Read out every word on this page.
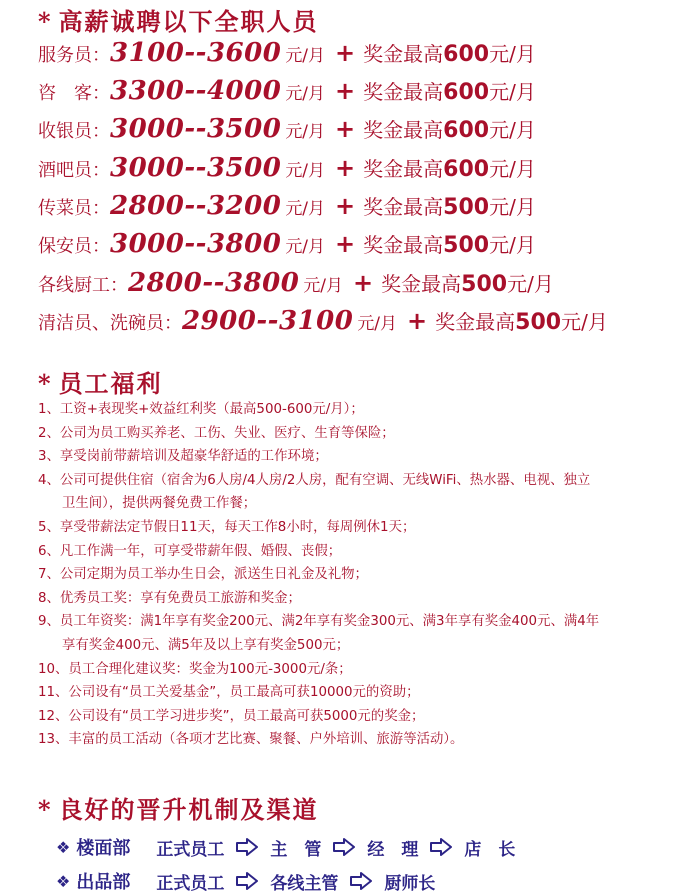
* 高薪诚聘以下全职人员
服务员： 3100--3600 元/月 + 奖金最高 600 元/月
咨　客： 3300--4000 元/月 + 奖金最高 600 元/月
收银员： 3000--3500 元/月 + 奖金最高 600 元/月
酒吧员： 3000--3500 元/月 + 奖金最高 600 元/月
传菜员： 2800--3200 元/月 + 奖金最高 500 元/月
保安员： 3000--3800 元/月 + 奖金最高 500 元/月
各线厨工： 2800--3800 元/月 + 奖金最高 500 元/月
清洁员、洗碗员： 2900--3100 元/月 + 奖金最高 500 元/月
* 员工福利
1、工资+表现奖+效益红利奖（最高500-600元/月）；
2、公司为员工购买养老、工伤、失业、医疗、生育等保险；
3、享受岗前带薪培训及超豪华舒适的工作环境；
4、公司可提供住宿（宿舍为6人房/4人房/2人房，配有空调、无线WiFi、热水器、电视、独立
卫生间），提供两餐免费工作餐；
5、享受带薪法定节假日11天，每天工作8小时，每周例休1天；
6、凡工作满一年，可享受带薪年假、婚假、丧假；
7、公司定期为员工举办生日会，派送生日礼金及礼物；
8、优秀员工奖：享有免费员工旅游和奖金；
9、员工年资奖：满1年享有奖金200元、满2年享有奖金300元、满3年享有奖金400元、满4年
享有奖金400元、满5年及以上享有奖金500元；
10、员工合理化建议奖：奖金为100元-3000元/条；
11、公司设有“员工关爱基金”，员工最高可获10000元的资助；
12、公司设有“员工学习进步奖”，员工最高可获5000元的奖金；
13、丰富的员工活动（各项才艺比赛、聚餐、户外培训、旅游等活动）。
* 良好的晋升机制及渠道
❖ 楼面部 正式员工	主　管	经　理	店　长
❖ 出品部 正式员工	各线主管	厨师长
